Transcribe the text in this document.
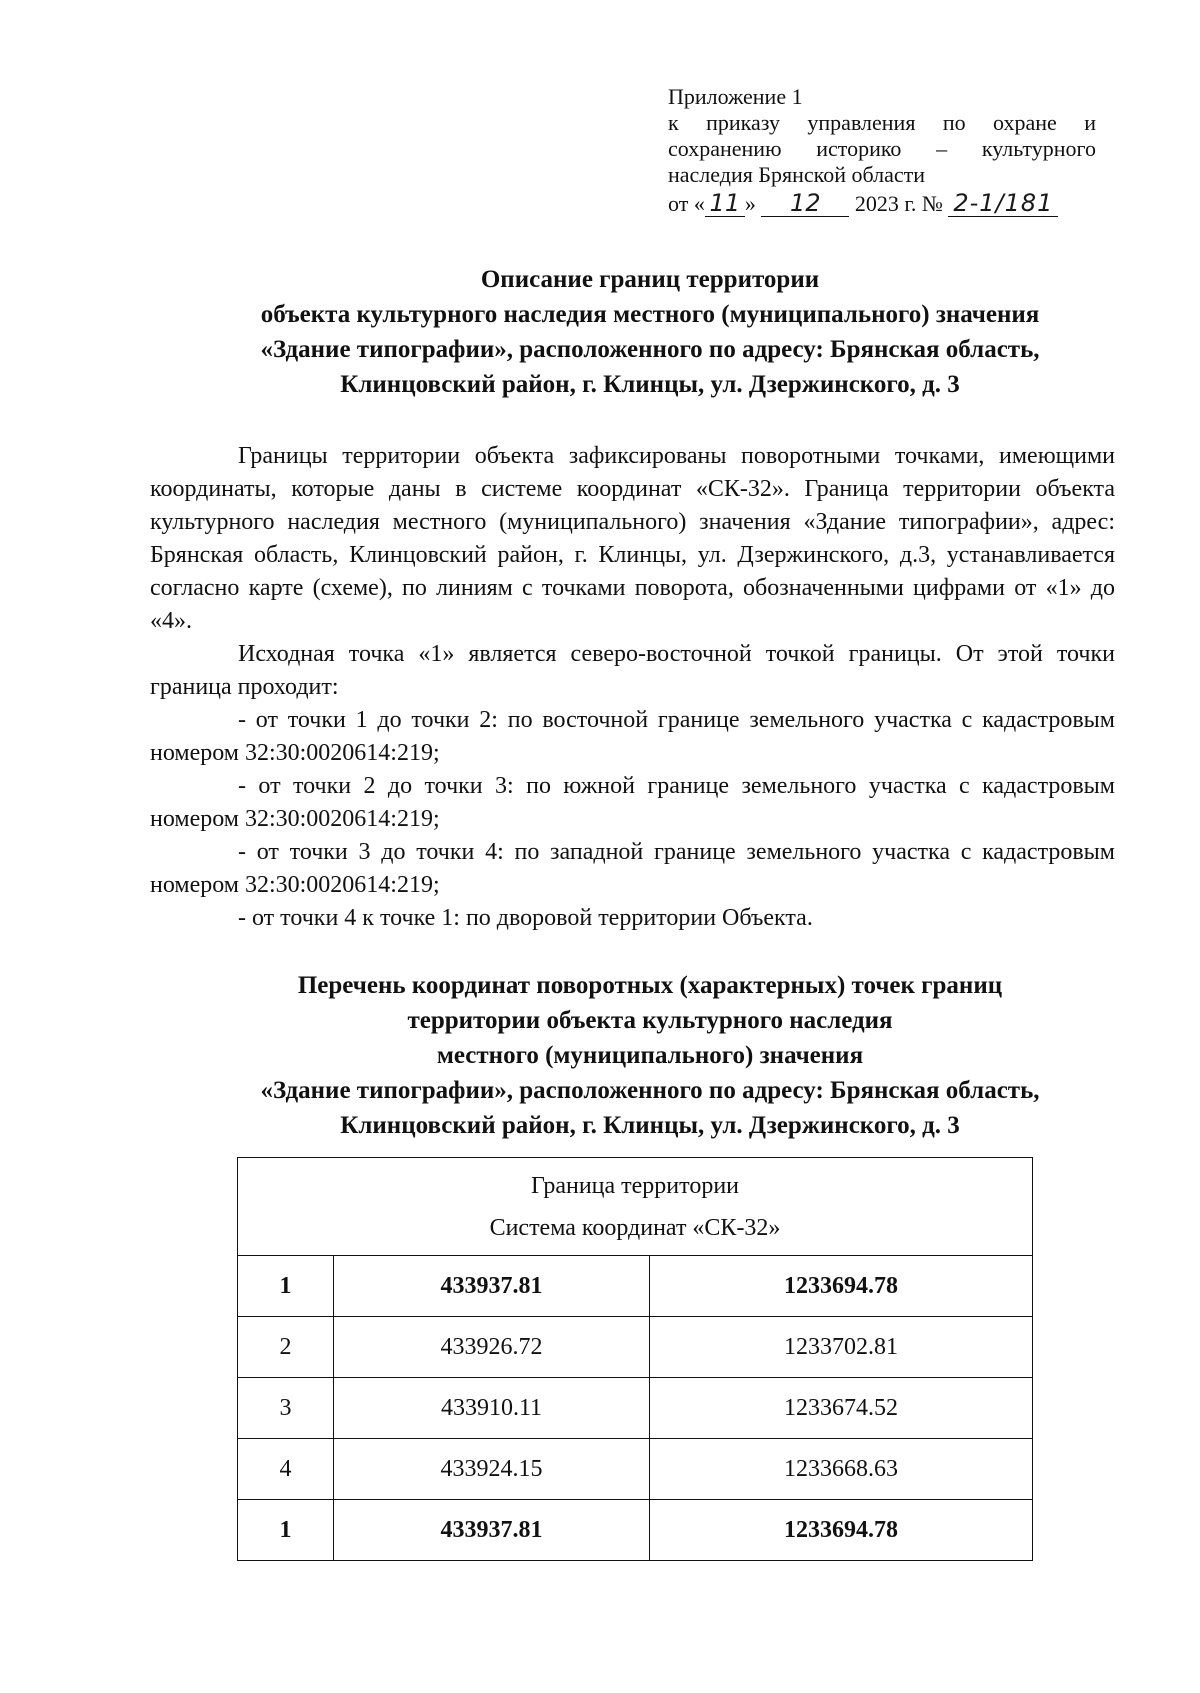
Приложение 1
к приказу управления по охране и
сохранению историко – культурного
наследия Брянской области
от « 11 » 12 2023 г. № 2-1/181
Описание границ территории
объекта культурного наследия местного (муниципального) значения
«Здание типографии», расположенного по адресу: Брянская область,
Клинцовский район, г. Клинцы, ул. Дзержинского, д. 3

Границы территории объекта зафиксированы поворотными точками, имеющими координаты, которые даны в системе координат «СК-32». Граница территории объекта культурного наследия местного (муниципального) значения «Здание типографии», адрес: Брянская область, Клинцовский район, г. Клинцы, ул. Дзержинского, д.3, устанавливается согласно карте (схеме), по линиям с точками поворота, обозначенными цифрами от «1» до «4».

Исходная точка «1» является северо-восточной точкой границы. От этой точки граница проходит:

- от точки 1 до точки 2: по восточной границе земельного участка с кадастровым номером 32:30:0020614:219;

- от точки 2 до точки 3: по южной границе земельного участка с кадастровым номером 32:30:0020614:219;

- от точки 3 до точки 4: по западной границе земельного участка с кадастровым номером 32:30:0020614:219;

- от точки 4 к точке 1: по дворовой территории Объекта.

Перечень координат поворотных (характерных) точек границ
территории объекта культурного наследия
местного (муниципального) значения
«Здание типографии», расположенного по адресу: Брянская область,
Клинцовский район, г. Клинцы, ул. Дзержинского, д. 3
Граница территории
Система координат «СК-32»		

1	433937.81	1233694.78
2	433926.72	1233702.81
3	433910.11	1233674.52
4	433924.15	1233668.63
1	433937.81	1233694.78
